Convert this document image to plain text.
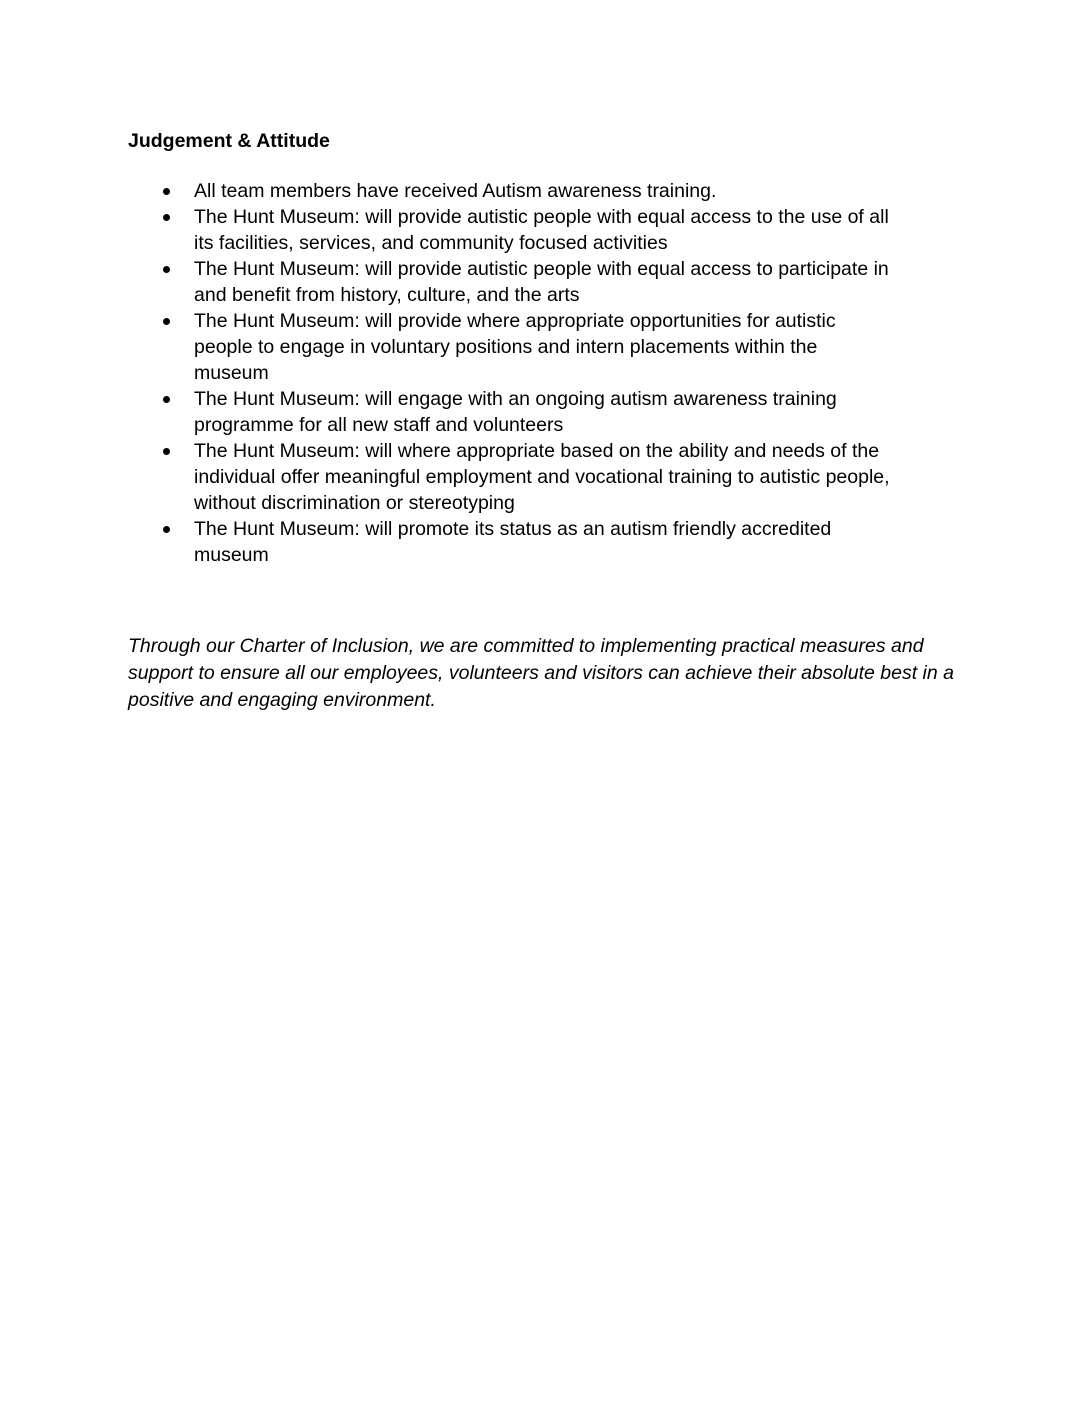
Judgement & Attitude
All team members have received Autism awareness training.
The Hunt Museum: will provide autistic people with equal access to the use of all its facilities, services, and community focused activities
The Hunt Museum: will provide autistic people with equal access to participate in and benefit from history, culture, and the arts
The Hunt Museum: will provide where appropriate opportunities for autistic people to engage in voluntary positions and intern placements within the museum
The Hunt Museum: will engage with an ongoing autism awareness training programme for all new staff and volunteers
The Hunt Museum: will where appropriate based on the ability and needs of the individual offer meaningful employment and vocational training to autistic people, without discrimination or stereotyping
The Hunt Museum: will promote its status as an autism friendly accredited museum

Through our Charter of Inclusion, we are committed to implementing practical measures and support to ensure all our employees, volunteers and visitors can achieve their absolute best in a positive and engaging environment.
